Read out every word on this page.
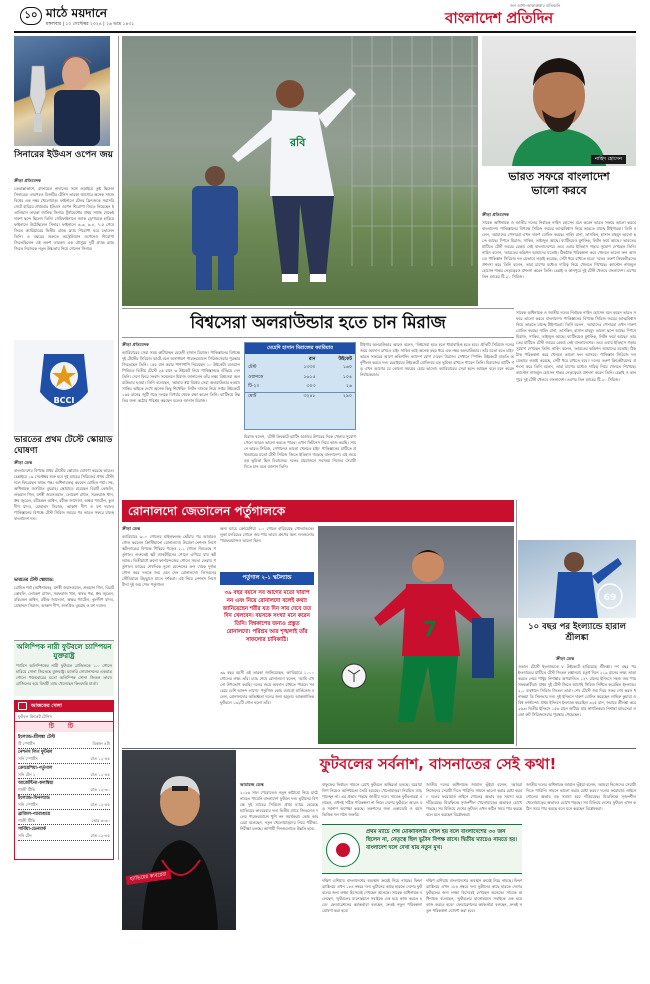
১০ মাঠে ময়দানে
মঙ্গলবার | ১০ সেপ্টেম্বর ২০২৪ | ২৬ ভাদ্র ১৪৩১
জন আশা-আকাঙ্ক্ষার প্রতিধ্বনি
বাংলাদেশ প্রতিদিন
সিনারের ইউএস ওপেন জয়
ক্রীড়া প্রতিবেদক
তেতাল্লাকাশে, রাফায়েল নাদালের সঙ্গে লড়াইয়ে তুষ্ট ছিলেন সিনারের। তারপরও বিজয়ীর টেনিস তারকা আগেরে অনেক সাজে বিশ্বের এক নম্বর খেলোয়াড়। ফাইনালে টেলর ফ্রিৎজকে সরাসরি সেটে হারিয়ে প্রথমবার ইউএস ওপেন শিরোপা জিতে নিয়েছেন ইতালিয়ান তারকা জানিক সিনার। টুর্নামেন্টের প্রথম সপ্তাহ থেকেই দারুণ ছন্দে ছিলেন তিনি। সেমিফাইনালে জ্যাক ড্রেপারকে হারিয়ে ফাইনালে উঠেছিলেন সিনার। ফাইনালে ৬-৩, ৬-৪, ৭-৫ গেমে জিতে ক্যারিয়ারের দ্বিতীয় গ্র্যান্ড স্ল্যাম শিরোপা ঘরে তোলেন তিনি। এ বছরের শুরুতে অস্ট্রেলিয়ান ওপেনেও শিরোপা জিতেছিলেন এই তরুণ তারকা। এক মৌসুমে দুটি গ্র্যান্ড স্ল্যাম জিতে নিজেকে নতুন উচ্চতায় নিয়ে গেলেন সিনার।
BCCI
ভারতের প্রথম টেস্টে স্কোয়াড ঘোষণা
ক্রীড়া ডেস্ক
বাংলাদেশের বিপক্ষে প্রথম টেস্টের স্কোয়াড ঘোষণা করেছে ভারত। চেন্নাইয়ে ১৯ সেপ্টেম্বর শুরু হবে দুই ম্যাচের সিরিজের প্রথম টেস্ট। দলে ফিরেছেন ঋষভ পন্ত। অধিনায়কত্ব করবেন রোহিত শর্মা। সহ-অধিনায়ক জসপ্রিত বুমরাহ। স্কোয়াডে রয়েছেন বিরাট কোহলি, শুভমান গিল, যশস্বী জয়সওয়াল, লোকেশ রাহুল, সরফরাজ খান, ধ্রুব জুরেল, রবীচন্দ্রন অশ্বিন, রবীন্দ্র জাদেজা, অক্ষর প্যাটেল, কুলদীপ যাদব, মোহাম্মদ সিরাজ, আকাশ দীপ ও যশ দয়াল। পাকিস্তানের বিপক্ষে টেস্ট সিরিজ জয়ের পর ভারত সফরে যাচ্ছে বাংলাদেশ দল।
ভারতের টেস্ট স্কোয়াড:
রোহিত শর্মা (অধিনায়ক), যশস্বী জয়সওয়াল, শুভমান গিল, বিরাট কোহলি, লোকেশ রাহুল, সরফরাজ খান, ঋষভ পন্ত, ধ্রুব জুরেল, রবিচন্দ্রন অশ্বিন, রবীন্দ্র জাদেজা, অক্ষর প্যাটেল, কুলদীপ যাদব, মোহাম্মদ সিরাজ, আকাশ দীপ, জসপ্রিত বুমরাহ ও যশ দয়াল।
অলিম্পিক নারী ফুটবলে চ্যাম্পিয়ন যুক্তরাষ্ট্র
প্যারিস অলিম্পিকের নারী ফুটবলে ব্রাজিলকে ১-০ গোলে হারিয়ে সোনা জিতেছে যুক্তরাষ্ট্র। ম্যালরি সোয়ানসনের একমাত্র গোলে পঞ্চমবারের মতো অলিম্পিক সোনা জিতল তারা। ব্রাজিলের হয়ে বিদায়ী ম্যাচ খেলেছেন কিংবদন্তি মার্তা।
আজকের খেলা
ফুটবল ক্রিকেট টেনিস
টি টি
ইংল্যান্ড-শ্রীলঙ্কা টেস্ট
টি স্পোর্টস	বিকাল ৪টা
নেশনস লিগ ফুটবল
সনি স্পোর্টস	রাত ১২-৪৫
ক্রোয়েশিয়া-পর্তুগাল
সনি টেন ২	রাত ১২-৪৫
আর্জেন্টিনা-কলম্বিয়া
গাজী টিভি	রাত ১২-৩০
ইংল্যান্ড-ফিনল্যান্ড
সনি স্পোর্টস	রাত ১২-৪৫
ব্রাজিল-প্যারাগুয়ে
গাজী টিভি	ভোর ৬-৩০
সার্বিয়া-ডেনমার্ক
সনি টেন	রাত ১২-৪৫
রবি
নাহিদ হোসেন
ভারত সফরে বাংলাদেশ ভালো করবে
ক্রীড়া প্রতিবেদক
সাবেক অধিনায়ক ও জাতীয় দলের নির্বাচক নাহিদ হোসেন মনে করেন ভারত সফরে ভালো করবে বাংলাদেশ। পাকিস্তানের বিপক্ষে সিরিজ জয়ের আত্মবিশ্বাস নিয়ে ভারতে যাচ্ছে টাইগাররা। তিনি বলেন, 'আমাদের পেসাররা এখন দারুণ বোলিং করছে। নাহিদ রানা, তাসকিন, হাসান মাহমুদ ভালো ছন্দে আছে। স্পিনে মিরাজ, সাকিব, তাইজুল আছে। ব্যাটিংয়েও মুশফিক, লিটন ফর্মে আছে।' ভারতের মাটিতে টেস্ট জয়ের রেকর্ড নেই বাংলাদেশের। তবে এবার ইতিহাস গড়ার সুযোগ দেখছেন তিনি। নাহিদ বলেন, 'ভারতের কন্ডিশন আমাদের মতোই। ঠিকঠাক পরিকল্পনা করে খেললে ভালো ফল আসবে। পাকিস্তান সিরিজে দল যেভাবে লড়াই করেছে, সেটা ধরে রাখতে হবে।' দলের তরুণ ক্রিকেটারদের প্রশংসা করে তিনি বলেন, তারা চাপের মধ্যেও দায়িত্ব নিয়ে খেলতে শিখেছে। ক্যাপ্টেন নাজমুল হোসেন শান্তর নেতৃত্বেরও প্রশংসা করেন তিনি। চেন্নাই ও কানপুরে দুই টেস্ট খেলবে বাংলাদেশ। এরপর তিন ম্যাচের টি-২০ সিরিজ।
বিশ্বসেরা অলরাউন্ডার হতে চান মিরাজ
সাবেক অধিনায়ক ও জাতীয় দলের নির্বাচক নাহিদ হোসেন মনে করেন ভারত সফরে ভালো করবে বাংলাদেশ। পাকিস্তানের বিপক্ষে সিরিজ জয়ের আত্মবিশ্বাস নিয়ে ভারতে যাচ্ছে টাইগাররা। তিনি বলেন, 'আমাদের পেসাররা এখন দারুণ বোলিং করছে। নাহিদ রানা, তাসকিন, হাসান মাহমুদ ভালো ছন্দে আছে। স্পিনে মিরাজ, সাকিব, তাইজুল আছে। ব্যাটিংয়েও মুশফিক, লিটন ফর্মে আছে।' ভারতের মাটিতে টেস্ট জয়ের রেকর্ড নেই বাংলাদেশের। তবে এবার ইতিহাস গড়ার সুযোগ দেখছেন তিনি। নাহিদ বলেন, 'ভারতের কন্ডিশন আমাদের মতোই। ঠিকঠাক পরিকল্পনা করে খেললে ভালো ফল আসবে। পাকিস্তান সিরিজে দল যেভাবে লড়াই করেছে, সেটা ধরে রাখতে হবে।' দলের তরুণ ক্রিকেটারদের প্রশংসা করে তিনি বলেন, তারা চাপের মধ্যেও দায়িত্ব নিয়ে খেলতে শিখেছে। ক্যাপ্টেন নাজমুল হোসেন শান্তর নেতৃত্বেরও প্রশংসা করেন তিনি। চেন্নাই ও কানপুরে দুই টেস্ট খেলবে বাংলাদেশ। এরপর তিন ম্যাচের টি-২০ সিরিজ।
ক্রীড়া প্রতিবেদক
ক্যারিয়ারের সেরা সময় কাটাচ্ছেন মেহেদী হাসান মিরাজ। পাকিস্তানের বিপক্ষে দুই টেস্টের সিরিজে ব্যাটে-বলে অসাধারণ পারফরম্যান্সে সিরিজসেরার পুরস্কার জিতেছেন তিনি। ১৫৫ রান করার পাশাপাশি নিয়েছেন ১০ উইকেট। রাওয়ালপিন্ডিতে দ্বিতীয় টেস্টে ২৬ রানে ৬ উইকেট নিয়ে পাকিস্তানকে গুঁড়িয়ে দেন তিনি। দেশে ফিরে সংবাদ সম্মেলনে মিরাজ জানালেন তাঁর লক্ষ্য বিশ্বসেরা অলরাউন্ডার হওয়া। তিনি বলেছেন, 'আমার স্বপ্ন বিশ্বের সেরা অলরাউন্ডার হওয়া। সাকিব ভাইকে দেখে অনেক কিছু শিখেছি।' লিটন দাসকে নিয়ে সপ্তম উইকেটে ১৬৫ রানের জুটি গড়ে দলকে বিপর্যয় থেকে রক্ষা করেন তিনি। ব্যাটিংয়ে উন্নতির জন্য কঠোর পরিশ্রম করছেন বলেও জানান মিরাজ।
মেহেদি হাসান মিরাজের ক্যারিয়ার
	রান	উইকেট
টেস্ট	১৩৩০	১৬০
ওয়ানডে	১৬১৫	১০৪
টি-২০	৩০৩	২৬
মোট	৩২৪৮	২৯০
মিরাজ বলেন, 'টেস্ট ক্রিকেটে ব্যাটিং অর্ডারে উপরের দিকে খেলার সুযোগ পেলে আরও ভালো করতে পারব। এখন ফিটনেস নিয়ে কাজ করছি। সামনে ভারত সিরিজ, সেখানেও ভালো খেলতে চাই।' পাকিস্তানের মাটিতে প্রথমবারের মতো টেস্ট সিরিজ জিতে ইতিহাস গড়েছে বাংলাদেশ। এই জয়ে বড় ভূমিকা ছিল মিরাজের। দলের প্রয়োজনে সবসময় নিজের সেরাটা দিতে চান বলে জানান তিনি।
টাইগার অলরাউন্ডার আরও বলেন, 'বিশ্বসেরা হতে হলে ধারাবাহিক হতে হবে। প্রতিটি সিরিজে দলের জয়ে অবদান রাখতে চাই। সাকিব ভাই অনেক বছর ধরে এক নম্বর অলরাউন্ডার। তাঁর মতো হতে চাই।' ভারত সফরের আগে কন্ডিশনিং ক্যাম্পে যোগ দেবেন মিরাজ। সেখানে স্পিনিং উইকেটে বাড়তি অনুশীলন করবে দল। চেন্নাইয়ের উইকেটে বোলিংয়ে বড় ভূমিকা রাখতে পারেন তিনি। মিরাজের ব্যাটিং গড় এখন আগের যে কোনো সময়ের চেয়ে ভালো। ক্যারিয়ারের সেরা ছন্দে আছেন বলে মনে করেন নির্বাচকরাও।
রোনালদো জেতালেন পর্তুগালকে
ক্রীড়া ডেস্ক
ক্যারিয়ারে ৯০০ গোলের মাইলফলক ছোঁয়ার পর আবারও গোল করলেন ক্রিস্টিয়ানো রোনালদো। উয়েফা নেশনস লিগে স্কটল্যান্ডের বিপক্ষে পিছিয়ে পড়েও ২-১ গোলে জিতেছে পর্তুগাল। শুরুতেই স্কট ম্যাকটমিনের গোলে এগিয়ে যায় স্কটল্যান্ড। দ্বিতীয়ার্ধে ব্রুনো ফার্নান্দেজের গোলে সমতা ফেরায় পর্তুগাল। ম্যাচের শেষদিকে নুনো মেন্দেসের ক্রস থেকে দুর্দান্ত গোল করে দলকে জয় এনে দেন রোনালদো। লিসবনের স্টেডিয়ামে উচ্ছ্বাসে মাতে দর্শকরা। এই নিয়ে নেশনস লিগে টানা দুই জয় পেল পর্তুগাল।
পর্তুগাল ২-১ স্কটল্যান্ড
অন্য ম্যাচে ক্রোয়েশিয়া ১-০ গোলে হারিয়েছে পোল্যান্ডকে। লুকা মদরিচের গোলে জয় পায় তারা। গ্রুপের অন্য দলগুলোর পারফরম্যান্সও ভালো ছিল।
৩৯ বছর বয়সে সব আগের মতো খারাপ নন এবং নিয়ে রোনালদো বলেই কথা! জানিয়েছেন শরীর যত দিন সায় দেবে তত দিন খেলবেন। বয়সকে সংখ্যা মনে করেন তিনি। বিশ্বকাপের জন্যও প্রস্তুত রোনালদো। পরিশ্রম আর শৃঙ্খলাই তাঁর সাফল্যের চাবিকাঠি।
৩৯ বছর বয়সী এই তারকা জানিয়েছেন, ক্যারিয়ারে ১০০০ গোলের লক্ষ্য তাঁর। ম্যাচ শেষে রোনালদো বলেন, 'আমি এখনো উপভোগ করছি। দলের জয়ে অবদান রাখতে পারলে সবচেয়ে বেশি আনন্দ লাগে।' পর্তুগিজ কোচ রবার্তো মার্তিনেজ বলেন, রোনালদোর অভিজ্ঞতা দলের জন্য অমূল্য। আন্তর্জাতিক ফুটবলে ১৩২টি গোল হলো তাঁর।
7
69
১০ বছর পর ইংল্যান্ডে হারাল শ্রীলঙ্কা
ক্রীড়া ডেস্ক
ওভাল টেস্টে ইংল্যান্ডকে ৮ উইকেটে হারিয়েছে শ্রীলঙ্কা। দশ বছর পর ইংল্যান্ডের মাটিতে টেস্ট জিতল লঙ্কানরা। চতুর্থ দিনে ২১৯ রানের লক্ষ্য তাড়া করতে নেমে পাথুম নিশাঙ্কার অপরাজিত ১২৭ রানের ইনিংসে সহজ জয় পায় সফরকারীরা। প্রথম দুই টেস্ট জিতে আগেই সিরিজ নিশ্চিত করেছিল ইংল্যান্ড। ২-১ ব্যবধানে সিরিজ জিতল তারা। শেষ টেস্টে জয় দিয়ে সফর শেষ করল ধনাঞ্জয়া ডি সিলভার দল। দুই ইনিংসে দারুণ বোলিং করেছেন লাহিরু কুমারা ও বিশ্ব ফার্নান্দো। প্রথম ইনিংসে ইংল্যান্ড করেছিল ৩২৫ রান, জবাবে শ্রীলঙ্কা করে ২৬৩। দ্বিতীয় ইনিংসে ১৫৬ রানে গুটিয়ে যায় স্বাগতিকরা। নিশাঙ্কা ম্যাচসেরা ও জো রুট সিরিজসেরার পুরস্কার পেয়েছেন।
ফুটবলের সর্বনাশ, বাসনাতের সেই কথা!
হ্যাভিয়ের কাবরেরা
আমারজ ডেস্ক
২০২৬ সাল পেরোলেও নতুন কাঠামো নিয়ে মাঠে নামতে পারেনি বাংলাদেশ ফুটবল দল। ভুটানের বিপক্ষে দুই ম্যাচের সিরিজে প্রথম ম্যাচে হেরেছে হ্যাভিয়ের কাবরেরার দল। দ্বিতীয় ম্যাচে জিতলেও দলের পারফরম্যান্সে খুশি নন সমর্থকরা। কোচ কাবরেরা বলেছেন, নতুন খেলোয়াড়দের নিয়ে পরীক্ষা-নিরীক্ষা চলছে। আগামী দিনগুলোতে উন্নতি হবে।
বাফুফের নির্বাচন সামনে রেখে ফুটবলে অস্থিরতা চলছে। ঘরোয়া লিগ নিয়েও অনিশ্চয়তা তৈরি হয়েছে। খেলোয়াড়রা নিয়মিত ম্যাচ পাচ্ছেন না। এর প্রভাব পড়ছে জাতীয় দলে। সাবেক ফুটবলাররা বলছেন, এখনই সঠিক পরিকল্পনা না নিলে দেশের ফুটবলে আরও বড় সর্বনাশ অপেক্ষা করছে। তরুণদের জন্য একাডেমি ও বয়সভিত্তিক দল গঠন জরুরি।
প্রথম ম্যাচে শেষ মোকাবিলার গোল হয় বলে বাংলাদেশের ৩০ জন ছিলেন না, নেতৃত্বে ছিল ভুটান বিপক্ষ রাখে। দ্বিতীয় ম্যাচেও নামতে হয়। বাংলাদেশ দলে দেখা যায় নতুন মুখ।
দক্ষিণ এশিয়ায় বাংলাদেশের অবস্থান ক্রমেই নিচে নামছে। ফিফা র‍্যাঙ্কিংয়ে এখন ১৮৪ নম্বরে দল। ভুটানের কাছে হারকে দেশের ফুটবলের জন্য লজ্জা হিসেবেই দেখছেন অনেকে। সাবেক অধিনায়ক বলেছেন, 'ফুটবলের মানোন্নয়নে সবাইকে এক হয়ে কাজ করতে হবে।' ফেডারেশনের কর্মকর্তারা বলছেন, দ্রুতই নতুন পরিকল্পনা ঘোষণা করা হবে।
জাতীয় দলের অধিনায়ক জামাল ভূঁইয়া বলেন, 'আমরা নিজেদের সেরাটা দিতে পারিনি। সামনে ভালো করার চেষ্টা করব।' দলের ফরোয়ার্ড লাইনে গোলের অভাব বড় সমস্যা হয়ে দাঁড়িয়েছে। মিডফিল্ডে সৃজনশীল খেলোয়াড়ের অভাবও চোখে পড়ছে। সব মিলিয়ে দেশের ফুটবল এখন কঠিন সময় পার করছে বলে মনে করছেন বিশ্লেষকরা।
দক্ষিণ এশিয়ায় বাংলাদেশের অবস্থান ক্রমেই নিচে নামছে। ফিফা র‍্যাঙ্কিংয়ে এখন ১৮৪ নম্বরে দল। ভুটানের কাছে হারকে দেশের ফুটবলের জন্য লজ্জা হিসেবেই দেখছেন অনেকে। সাবেক অধিনায়ক বলেছেন, 'ফুটবলের মানোন্নয়নে সবাইকে এক হয়ে কাজ করতে হবে।' ফেডারেশনের কর্মকর্তারা বলছেন, দ্রুতই নতুন পরিকল্পনা ঘোষণা করা হবে।
জাতীয় দলের অধিনায়ক জামাল ভূঁইয়া বলেন, 'আমরা নিজেদের সেরাটা দিতে পারিনি। সামনে ভালো করার চেষ্টা করব।' দলের ফরোয়ার্ড লাইনে গোলের অভাব বড় সমস্যা হয়ে দাঁড়িয়েছে। মিডফিল্ডে সৃজনশীল খেলোয়াড়ের অভাবও চোখে পড়ছে। সব মিলিয়ে দেশের ফুটবল এখন কঠিন সময় পার করছে বলে মনে করছেন বিশ্লেষকরা।
